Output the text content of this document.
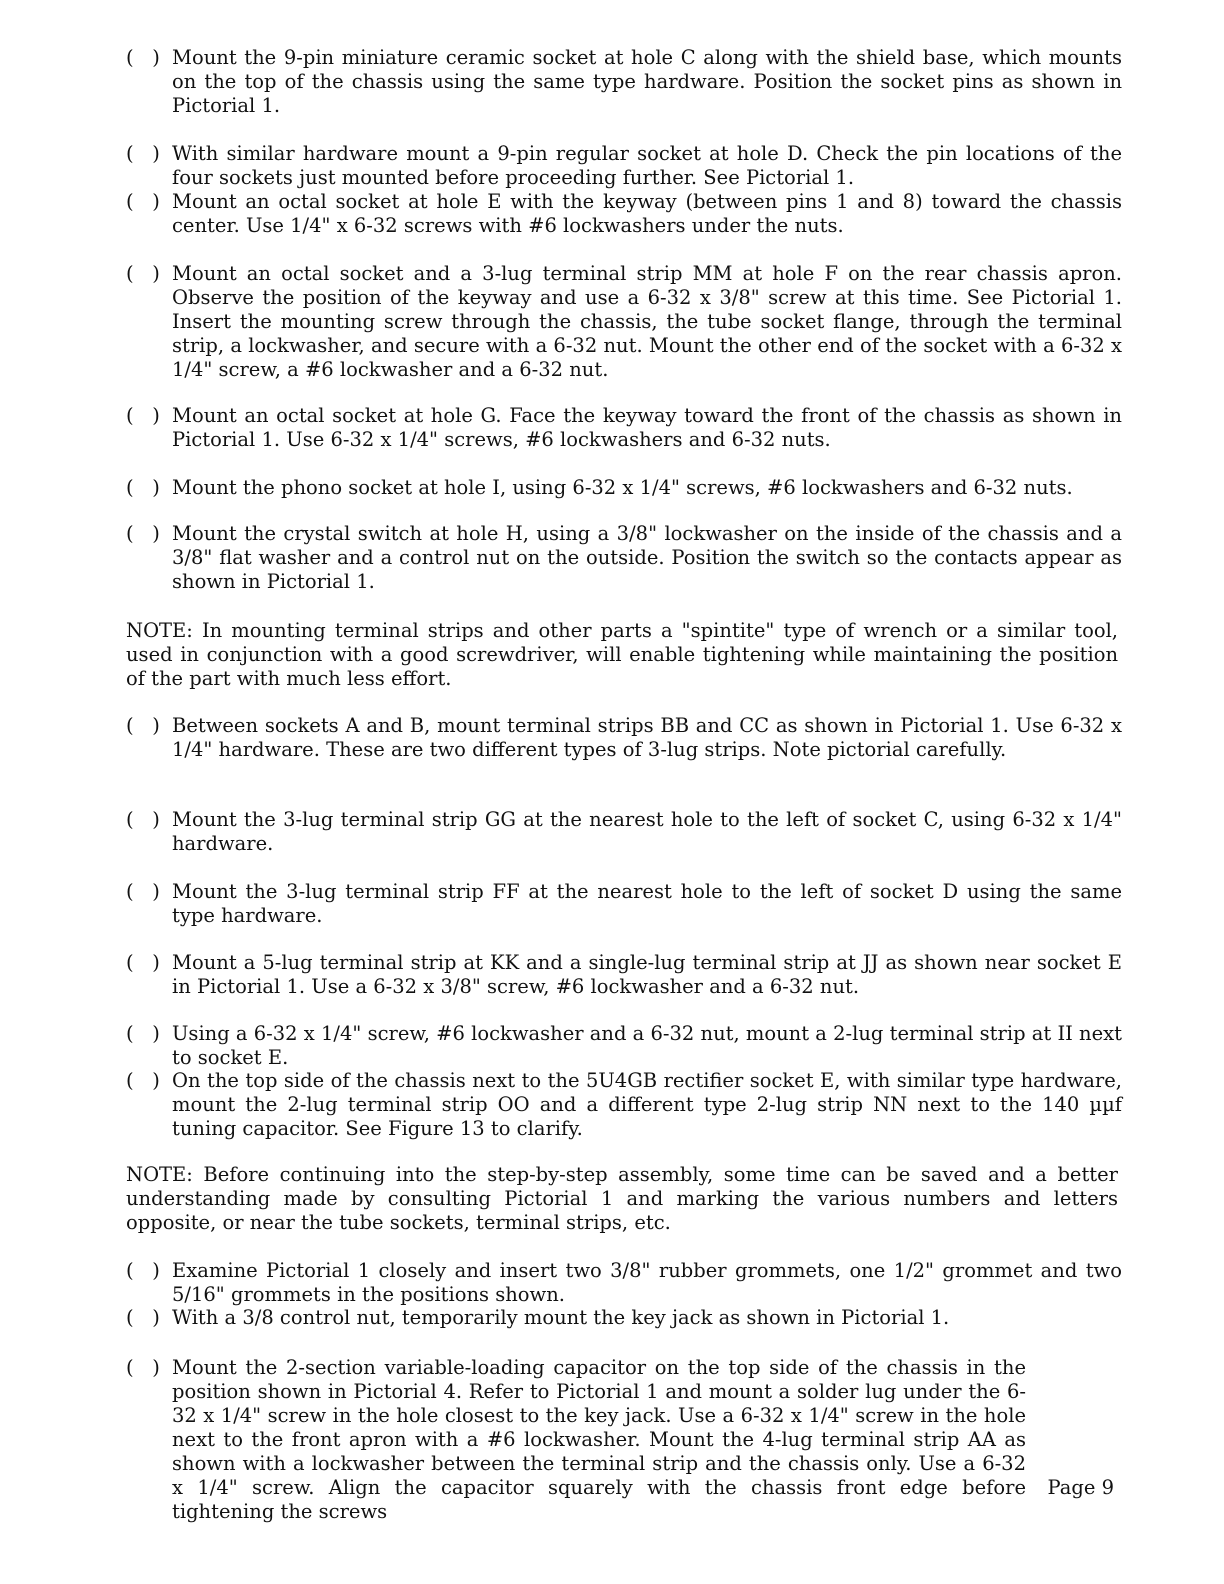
(   ) Mount the 9-pin miniature ceramic socket at hole C along with the shield base, which mounts on the top of the chassis using the same type hardware. Position the socket pins as shown in Pictorial 1.
(   ) With similar hardware mount a 9-pin regular socket at hole D. Check the pin locations of the four sockets just mounted before proceeding further. See Pictorial 1.
(   ) Mount an octal socket at hole E with the keyway (between pins 1 and 8) toward the chassis center. Use 1/4" x 6-32 screws with #6 lockwashers under the nuts.
(   ) Mount an octal socket and a 3-lug terminal strip MM at hole F on the rear chassis apron. Observe the position of the keyway and use a 6-32 x 3/8" screw at this time. See Pictorial 1. Insert the mounting screw through the chassis, the tube socket flange, through the terminal strip, a lockwasher, and secure with a 6-32 nut. Mount the other end of the socket with a 6-32 x 1/4" screw, a #6 lockwasher and a 6-32 nut.
(   ) Mount an octal socket at hole G. Face the keyway toward the front of the chassis as shown in Pictorial 1. Use 6-32 x 1/4" screws, #6 lockwashers and 6-32 nuts.
(   ) Mount the phono socket at hole I, using 6-32 x 1/4" screws, #6 lockwashers and 6-32 nuts.
(   ) Mount the crystal switch at hole H, using a 3/8" lockwasher on the inside of the chassis and a 3/8" flat washer and a control nut on the outside. Position the switch so the contacts appear as shown in Pictorial 1.
NOTE: In mounting terminal strips and other parts a "spintite" type of wrench or a similar tool, used in conjunction with a good screwdriver, will enable tightening while maintaining the position of the part with much less effort.
(   ) Between sockets A and B, mount terminal strips BB and CC as shown in Pictorial 1. Use 6-32 x 1/4" hardware. These are two different types of 3-lug strips. Note pictorial carefully.
(   ) Mount the 3-lug terminal strip GG at the nearest hole to the left of socket C, using 6-32 x 1/4" hardware.
(   ) Mount the 3-lug terminal strip FF at the nearest hole to the left of socket D using the same type hardware.
(   ) Mount a 5-lug terminal strip at KK and a single-lug terminal strip at JJ as shown near socket E in Pictorial 1. Use a 6-32 x 3/8" screw, #6 lockwasher and a 6-32 nut.
(   ) Using a 6-32 x 1/4" screw, #6 lockwasher and a 6-32 nut, mount a 2-lug terminal strip at II next to socket E.
(   ) On the top side of the chassis next to the 5U4GB rectifier socket E, with similar type hardware, mount the 2-lug terminal strip OO and a different type 2-lug strip NN next to the 140 µµf tuning capacitor. See Figure 13 to clarify.
NOTE: Before continuing into the step-by-step assembly, some time can be saved and a better understanding made by consulting Pictorial 1 and marking the various numbers and letters opposite, or near the tube sockets, terminal strips, etc.
(   ) Examine Pictorial 1 closely and insert two 3/8" rubber grommets, one 1/2" grommet and two 5/16" grommets in the positions shown.
(   ) With a 3/8 control nut, temporarily mount the key jack as shown in Pictorial 1.
(   ) Mount the 2-section variable-loading capacitor on the top side of the chassis in the position shown in Pictorial 4. Refer to Pictorial 1 and mount a solder lug under the 6-32 x 1/4" screw in the hole closest to the key jack. Use a 6-32 x 1/4" screw in the hole next to the front apron with a #6 lockwasher. Mount the 4-lug terminal strip AA as shown with a lockwasher between the terminal strip and the chassis only. Use a 6-32 x 1/4" screw. Align the capacitor squarely with the chassis front edge before tightening the screws
Page 9
